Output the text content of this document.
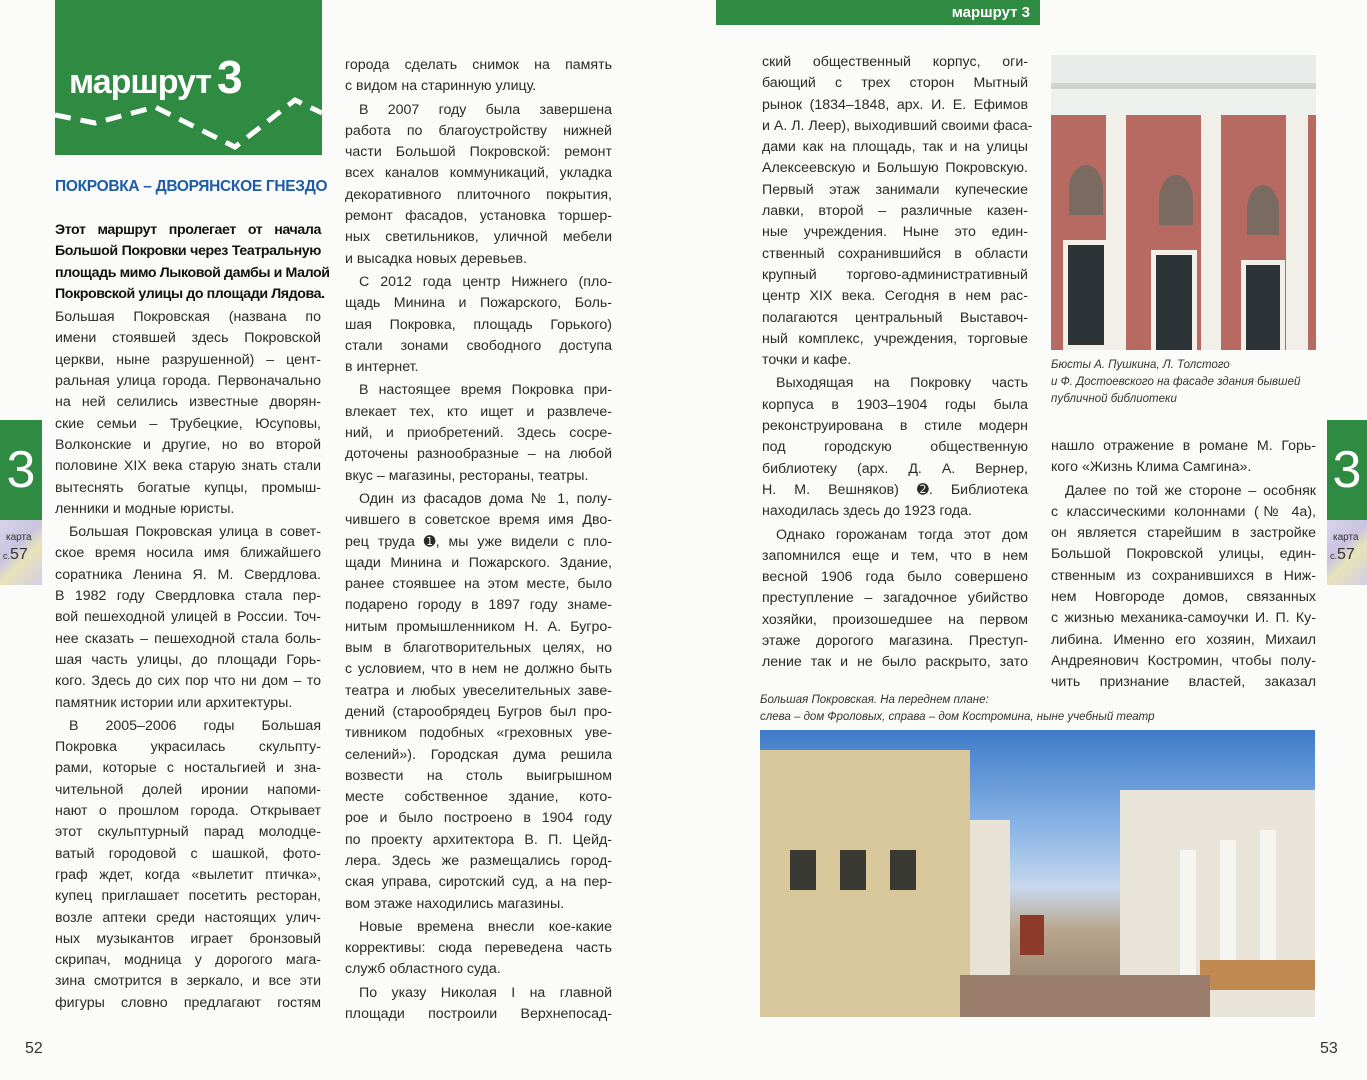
маршрут 3
ПОКРОВКА – ДВОРЯНСКОЕ ГНЕЗДО
Этот маршрут пролегает от начала
Большой Покровки через Театральную
площадь мимо Лыковой дамбы и Малой
Покровской улицы до площади Лядова.
Большая Покровская (названа по
имени стоявшей здесь Покровской
церкви, ныне разрушенной) – цент-
ральная улица города. Первоначально
на ней селились известные дворян-
ские семьи – Трубецкие, Юсуповы,
Волконские и другие, но во второй
половине XIX века старую знать стали
вытеснять богатые купцы, промыш-
ленники и модные юристы.
Большая Покровская улица в совет-
ское время носила имя ближайшего
соратника Ленина Я. М. Свердлова.
В 1982 году Свердловка стала пер-
вой пешеходной улицей в России. Точ-
нее сказать – пешеходной стала боль-
шая часть улицы, до площади Горь-
кого. Здесь до сих пор что ни дом – то
памятник истории или архитектуры.
В 2005–2006 годы Большая
Покровка украсилась скульпту-
рами, которые с ностальгией и зна-
чительной долей иронии напоми-
нают о прошлом города. Открывает
этот скульптурный парад молодце-
ватый городовой с шашкой, фото-
граф ждет, когда «вылетит птичка»,
купец приглашает посетить ресторан,
возле аптеки среди настоящих улич-
ных музыкантов играет бронзовый
скрипач, модница у дорогого мага-
зина смотрится в зеркало, и все эти
фигуры словно предлагают гостям
города сделать снимок на память
с видом на старинную улицу.
В 2007 году была завершена
работа по благоустройству нижней
части Большой Покровской: ремонт
всех каналов коммуникаций, укладка
декоративного плиточного покрытия,
ремонт фасадов, установка торшер-
ных светильников, уличной мебели
и высадка новых деревьев.
С 2012 года центр Нижнего (пло-
щадь Минина и Пожарского, Боль-
шая Покровка, площадь Горького)
стали зонами свободного доступа
в интернет.
В настоящее время Покровка при-
влекает тех, кто ищет и развлече-
ний, и приобретений. Здесь сосре-
доточены разнообразные – на любой
вкус – магазины, рестораны, театры.
Один из фасадов дома № 1, полу-
чившего в советское время имя Дво-
рец труда ➊, мы уже видели с пло-
щади Минина и Пожарского. Здание,
ранее стоявшее на этом месте, было
подарено городу в 1897 году знаме-
нитым промышленником Н. А. Бугро-
вым в благотворительных целях, но
с условием, что в нем не должно быть
театра и любых увеселительных заве-
дений (старообрядец Бугров был про-
тивником подобных «греховных уве-
селений»). Городская дума решила
возвести на столь выигрышном
месте собственное здание, кото-
рое и было построено в 1904 году
по проекту архитектора В. П. Цейд-
лера. Здесь же размещались город-
ская управа, сиротский суд, а на пер-
вом этаже находились магазины.
Новые времена внесли кое-какие
коррективы: сюда переведена часть
служб областного суда.
По указу Николая I на главной
площади построили Верхнепосад-
3
карта
с.57
52
маршрут 3
ский общественный корпус, оги-
бающий с трех сторон Мытный
рынок (1834–1848, арх. И. Е. Ефимов
и А. Л. Леер), выходивший своими фаса-
дами как на площадь, так и на улицы
Алексеевскую и Большую Покровскую.
Первый этаж занимали купеческие
лавки, второй – различные казен-
ные учреждения. Ныне это един-
ственный сохранившийся в области
крупный торгово-административный
центр XIX века. Сегодня в нем рас-
полагаются центральный Выставоч-
ный комплекс, учреждения, торговые
точки и кафе.
Выходящая на Покровку часть
корпуса в 1903–1904 годы была
реконструирована в стиле модерн
под городскую общественную
библиотеку (арх. Д. А. Вернер,
Н. М. Вешняков) ➋. Библиотека
находилась здесь до 1923 года.
Однако горожанам тогда этот дом
запомнился еще и тем, что в нем
весной 1906 года было совершено
преступление – загадочное убийство
хозяйки, произошедшее на первом
этаже дорогого магазина. Преступ-
ление так и не было раскрыто, зато
Бюсты А. Пушкина, Л. Толстого
и Ф. Достоевского на фасаде здания бывшей
публичной библиотеки
нашло отражение в романе М. Горь-
кого «Жизнь Клима Самгина».
Далее по той же стороне – особняк
с классическими колоннами (№ 4а),
он является старейшим в застройке
Большой Покровской улицы, един-
ственным из сохранившихся в Ниж-
нем Новгороде домов, связанных
с жизнью механика-самоучки И. П. Ку-
либина. Именно его хозяин, Михаил
Андреянович Костромин, чтобы полу-
чить признание властей, заказал
Большая Покровская. На переднем плане:
слева – дом Фроловых, справа – дом Костромина, ныне учебный театр
3
карта
с.57
53
